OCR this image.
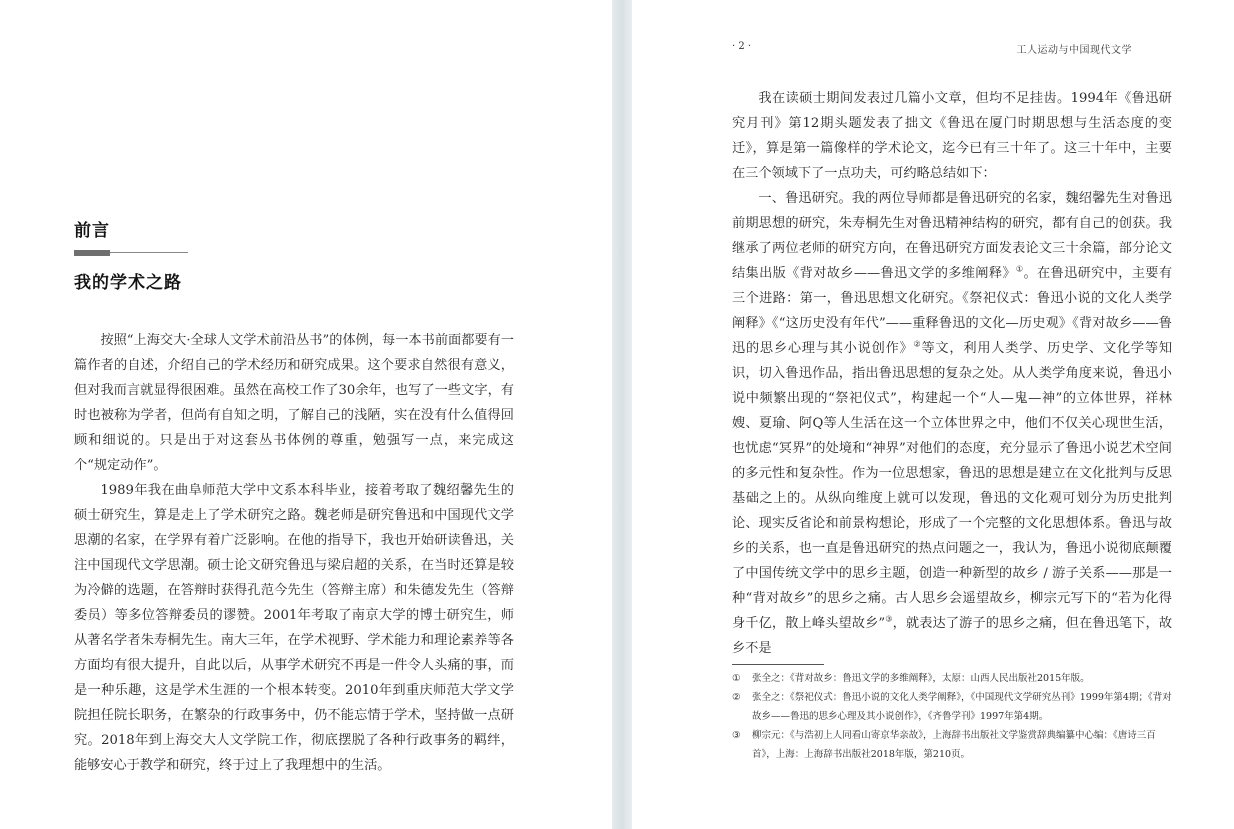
前言
我的学术之路

按照“上海交大·全球人文学术前沿丛书”的体例，每一本书前面都要有一篇作者的自述，介绍自己的学术经历和研究成果。这个要求自然很有意义，但对我而言就显得很困难。虽然在高校工作了30余年，也写了一些文字，有时也被称为学者，但尚有自知之明，了解自己的浅陋，实在没有什么值得回顾和细说的。只是出于对这套丛书体例的尊重，勉强写一点，来完成这个“规定动作”。

1989年我在曲阜师范大学中文系本科毕业，接着考取了魏绍馨先生的硕士研究生，算是走上了学术研究之路。魏老师是研究鲁迅和中国现代文学思潮的名家，在学界有着广泛影响。在他的指导下，我也开始研读鲁迅，关注中国现代文学思潮。硕士论文研究鲁迅与梁启超的关系，在当时还算是较为冷僻的选题，在答辩时获得孔范今先生（答辩主席）和朱德发先生（答辩委员）等多位答辩委员的谬赞。2001年考取了南京大学的博士研究生，师从著名学者朱寿桐先生。南大三年，在学术视野、学术能力和理论素养等各方面均有很大提升，自此以后，从事学术研究不再是一件令人头痛的事，而是一种乐趣，这是学术生涯的一个根本转变。2010年到重庆师范大学文学院担任院长职务，在繁杂的行政事务中，仍不能忘情于学术，坚持做一点研究。2018年到上海交大人文学院工作，彻底摆脱了各种行政事务的羁绊，能够安心于教学和研究，终于过上了我理想中的生活。

· 2 ·	工人运动与中国现代文学

我在读硕士期间发表过几篇小文章，但均不足挂齿。1994年《鲁迅研究月刊》第12期头题发表了拙文《鲁迅在厦门时期思想与生活态度的变迁》，算是第一篇像样的学术论文，迄今已有三十年了。这三十年中，主要在三个领域下了一点功夫，可约略总结如下：

一、鲁迅研究。我的两位导师都是鲁迅研究的名家，魏绍馨先生对鲁迅前期思想的研究，朱寿桐先生对鲁迅精神结构的研究，都有自己的创获。我继承了两位老师的研究方向，在鲁迅研究方面发表论文三十余篇，部分论文结集出版《背对故乡——鲁迅文学的多维阐释》①。在鲁迅研究中，主要有三个进路：第一，鲁迅思想文化研究。《祭祀仪式：鲁迅小说的文化人类学阐释》《“这历史没有年代”——重释鲁迅的文化—历史观》《背对故乡——鲁迅的思乡心理与其小说创作》②等文，利用人类学、历史学、文化学等知识，切入鲁迅作品，指出鲁迅思想的复杂之处。从人类学角度来说，鲁迅小说中频繁出现的“祭祀仪式”，构建起一个“人—鬼—神”的立体世界，祥林嫂、夏瑜、阿Q等人生活在这一个立体世界之中，他们不仅关心现世生活，也忧虑“冥界”的处境和“神界”对他们的态度，充分显示了鲁迅小说艺术空间的多元性和复杂性。作为一位思想家，鲁迅的思想是建立在文化批判与反思基础之上的。从纵向维度上就可以发现，鲁迅的文化观可划分为历史批判论、现实反省论和前景构想论，形成了一个完整的文化思想体系。鲁迅与故乡的关系，也一直是鲁迅研究的热点问题之一，我认为，鲁迅小说彻底颠覆了中国传统文学中的思乡主题，创造一种新型的故乡 / 游子关系——那是一种“背对故乡”的思乡之痛。古人思乡会遥望故乡，柳宗元写下的“若为化得身千亿，散上峰头望故乡”③，就表达了游子的思乡之痛，但在鲁迅笔下，故乡不是

① 张全之：《背对故乡：鲁迅文学的多维阐释》，太原：山西人民出版社2015年版。
② 张全之：《祭祀仪式：鲁迅小说的文化人类学阐释》，《中国现代文学研究丛刊》1999年第4期；《背对故乡——鲁迅的思乡心理及其小说创作》，《齐鲁学刊》1997年第4期。
③ 柳宗元：《与浩初上人同看山寄京华亲故》，上海辞书出版社文学鉴赏辞典编纂中心编：《唐诗三百首》，上海：上海辞书出版社2018年版，第210页。
